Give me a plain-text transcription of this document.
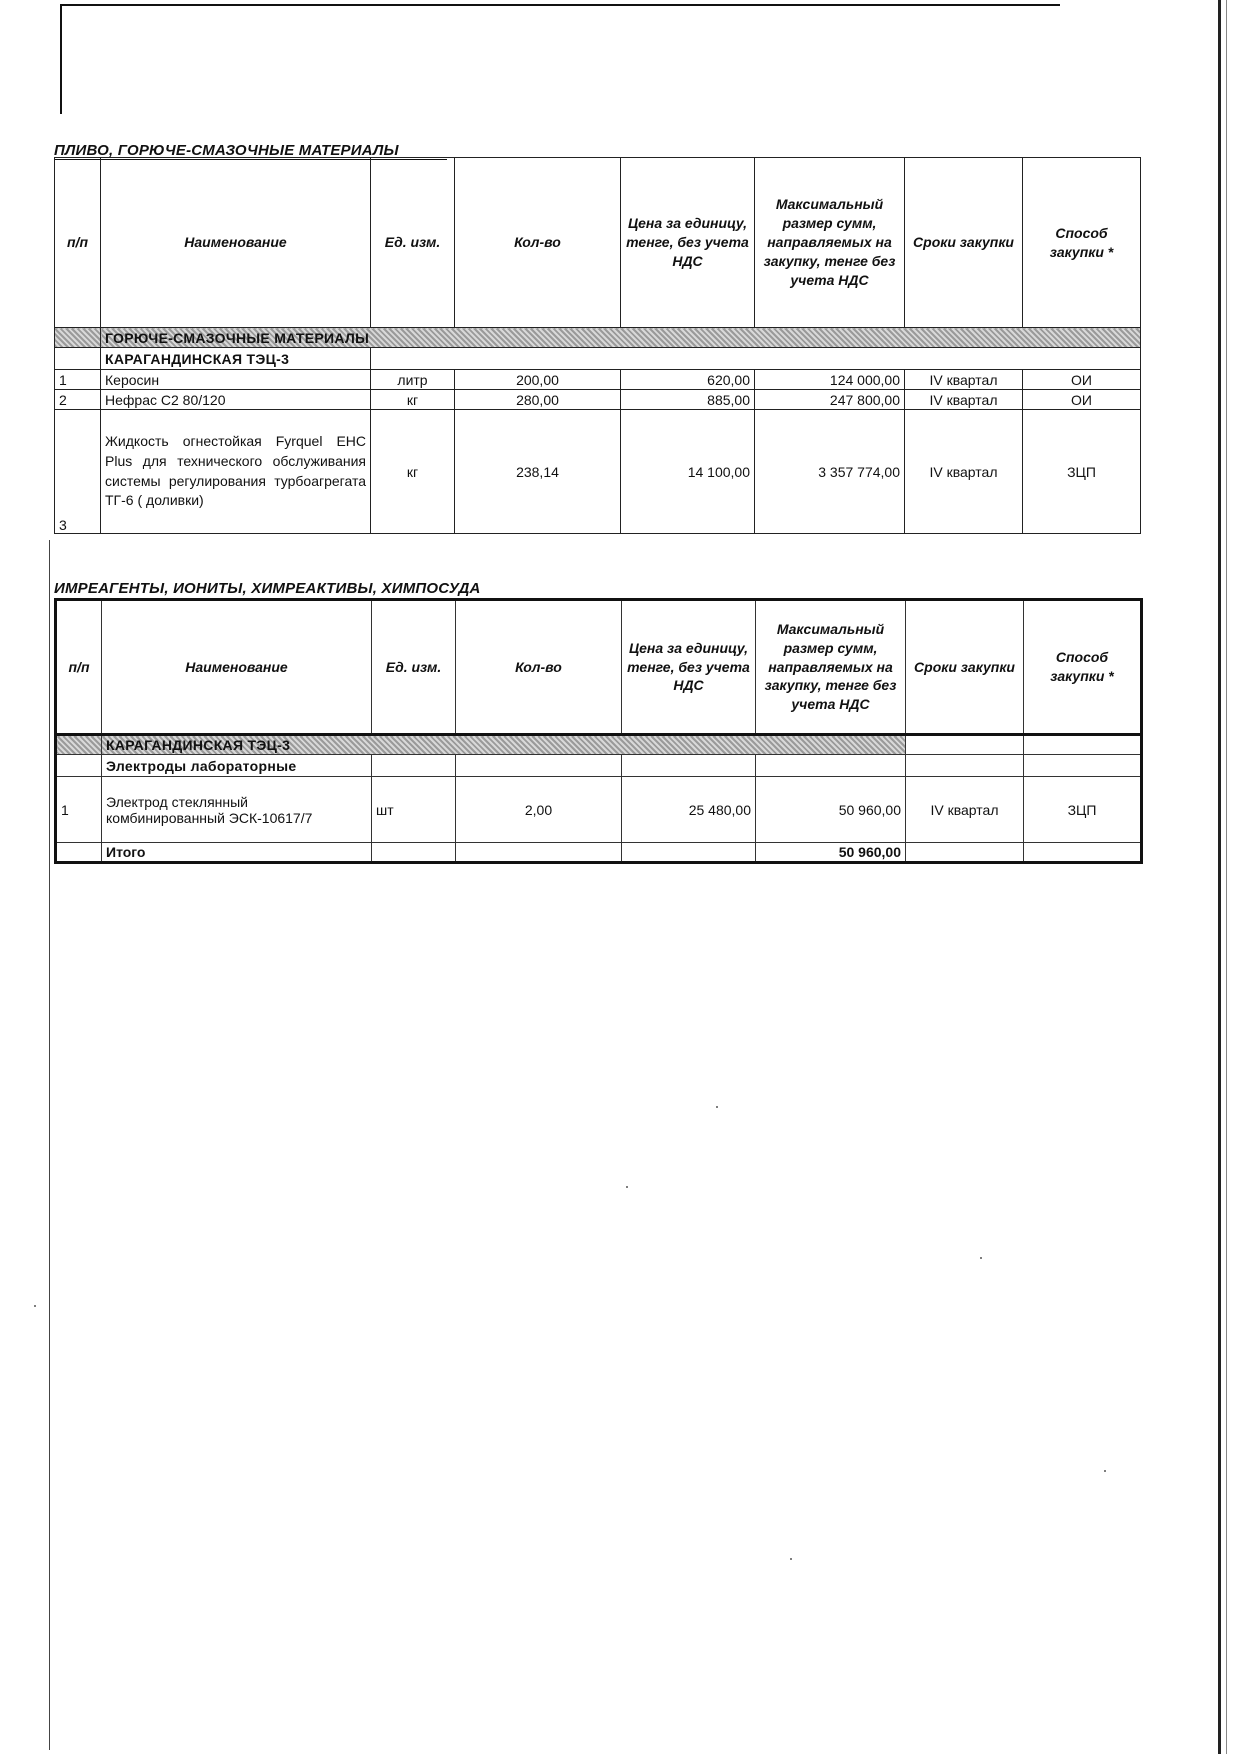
ПЛИВО, ГОРЮЧЕ-СМАЗОЧНЫЕ МАТЕРИАЛЫ
п/п	Наименование	Ед. изм.	Кол-во	Цена за единицу, тенге, без учета НДС	Максимальный размер сумм, направляемых на закупку, тенге без учета НДС	Сроки закупки	Способ закупки *
	ГОРЮЧЕ-СМАЗОЧНЫЕ МАТЕРИАЛЫ						
	КАРАГАНДИНСКАЯ ТЭЦ-3						
1	Керосин	литр	200,00	620,00	124 000,00	IV квартал	ОИ
2	Нефрас С2 80/120	кг	280,00	885,00	247 800,00	IV квартал	ОИ
3	Жидкость огнестойкая Fyrquel EHC Plus для технического обслуживания системы регулирования турбоагрегата ТГ-6 ( доливки)	кг	238,14	14 100,00	3 357 774,00	IV квартал	ЗЦП
ИМРЕАГЕНТЫ, ИОНИТЫ, ХИМРЕАКТИВЫ, ХИМПОСУДА
п/п	Наименование	Ед. изм.	Кол-во	Цена за единицу, тенге, без учета НДС	Максимальный размер сумм, направляемых на закупку, тенге без учета НДС	Сроки закупки	Способ закупки *
	КАРАГАНДИНСКАЯ ТЭЦ-3						
	Электроды лабораторные						
1	Электрод стеклянный комбинированный ЭСК-10617/7	шт	2,00	25 480,00	50 960,00	IV квартал	ЗЦП
	Итого				50 960,00		
